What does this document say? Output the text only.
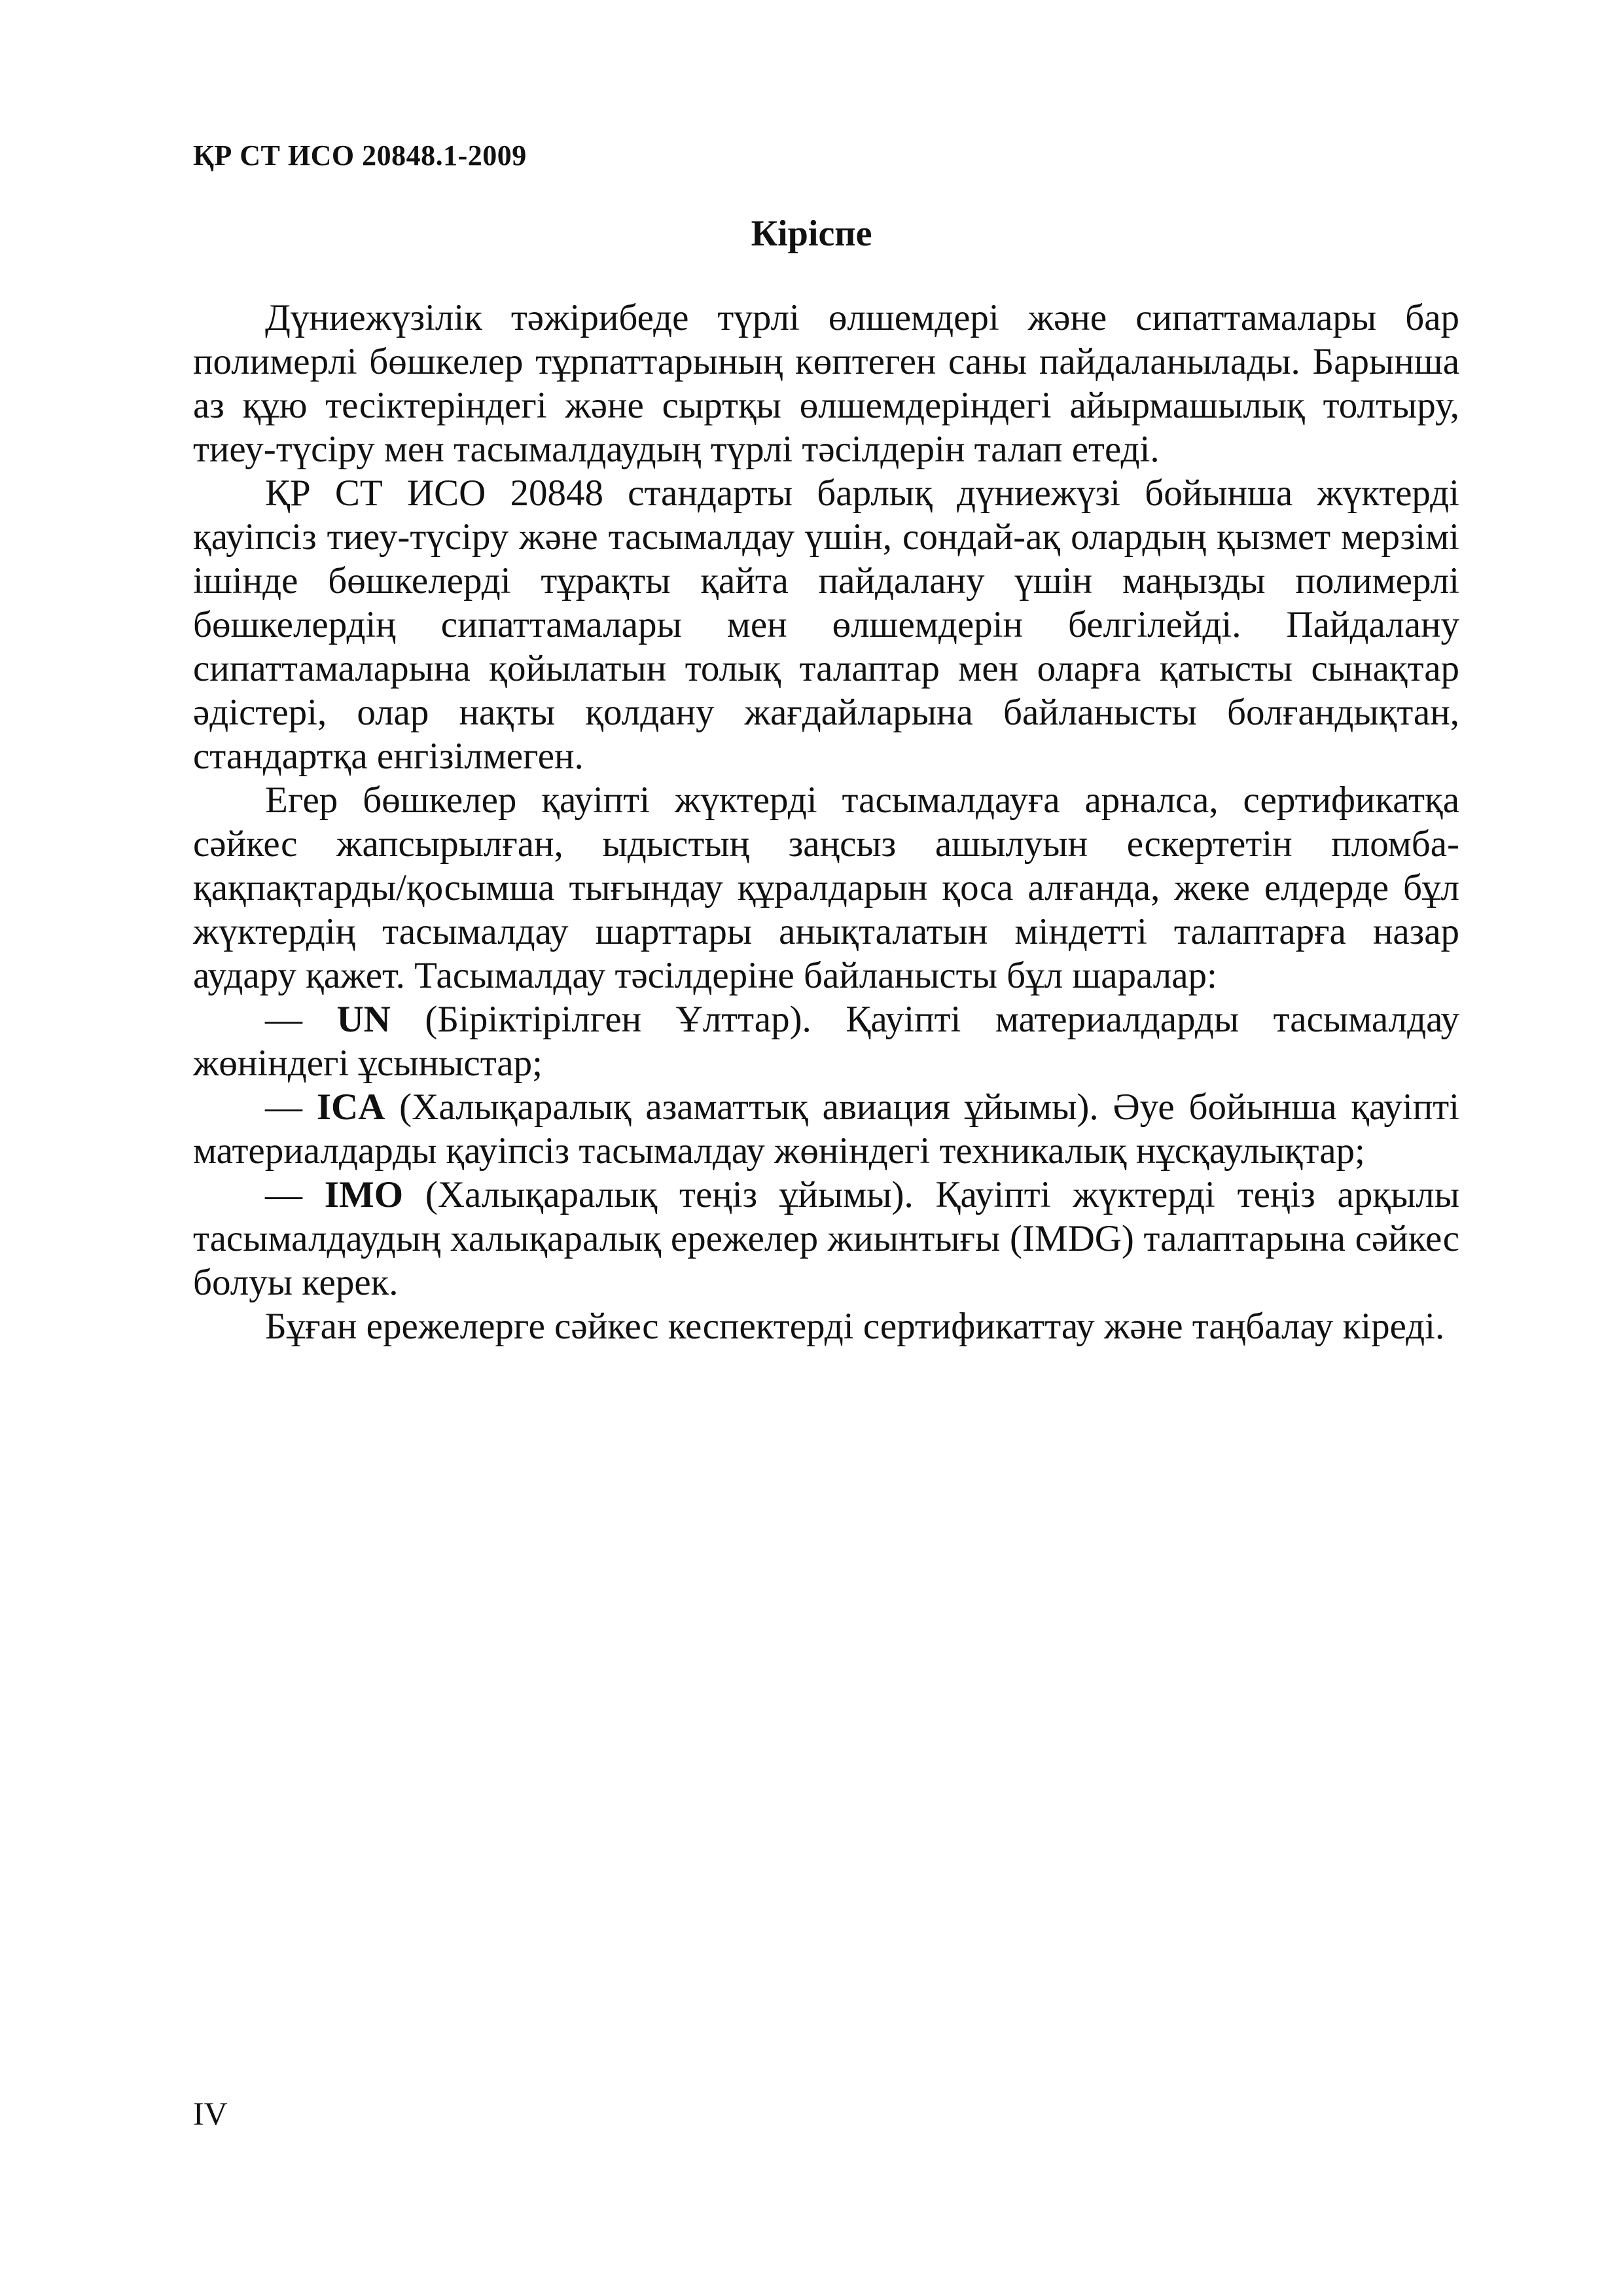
ҚР СТ ИСО 20848.1-2009
Кіріспе

Дүниежүзілік тәжірибеде түрлі өлшемдері және сипаттамалары бар полимерлі бөшкелер тұрпаттарының көптеген саны пайдаланылады. Барынша аз құю тесіктеріндегі және сыртқы өлшемдеріндегі айырмашылық толтыру, тиеу-түсіру мен тасымалдаудың түрлі тәсілдерін талап етеді.

ҚР СТ ИСО 20848 стандарты барлық дүниежүзі бойынша жүктерді қауіпсіз тиеу-түсіру және тасымалдау үшін, сондай-ақ олардың қызмет мерзімі ішінде бөшкелерді тұрақты қайта пайдалану үшін маңызды полимерлі бөшкелердің сипаттамалары мен өлшемдерін белгілейді. Пайдалану сипаттамаларына қойылатын толық талаптар мен оларға қатысты сынақтар әдістері, олар нақты қолдану жағдайларына байланысты болғандықтан, стандартқа енгізілмеген.

Егер бөшкелер қауіпті жүктерді тасымалдауға арналса, сертификатқа сәйкес жапсырылған, ыдыстың заңсыз ашылуын ескертетін пломба-қақпақтарды/қосымша тығындау құралдарын қоса алғанда, жеке елдерде бұл жүктердің тасымалдау шарттары анықталатын міндетті талаптарға назар аудару қажет. Тасымалдау тәсілдеріне байланысты бұл шаралар:

— UN (Біріктірілген Ұлттар). Қауіпті материалдарды тасымалдау жөніндегі ұсыныстар;

— ICA (Халықаралық азаматтық авиация ұйымы). Әуе бойынша қауіпті материалдарды қауіпсіз тасымалдау жөніндегі техникалық нұсқаулықтар;

— IMO (Халықаралық теңіз ұйымы). Қауіпті жүктерді теңіз арқылы тасымалдаудың халықаралық ережелер жиынтығы (IMDG) талаптарына сәйкес болуы керек.

Бұған ережелерге сәйкес кеспектерді сертификаттау және таңбалау кіреді.

IV
